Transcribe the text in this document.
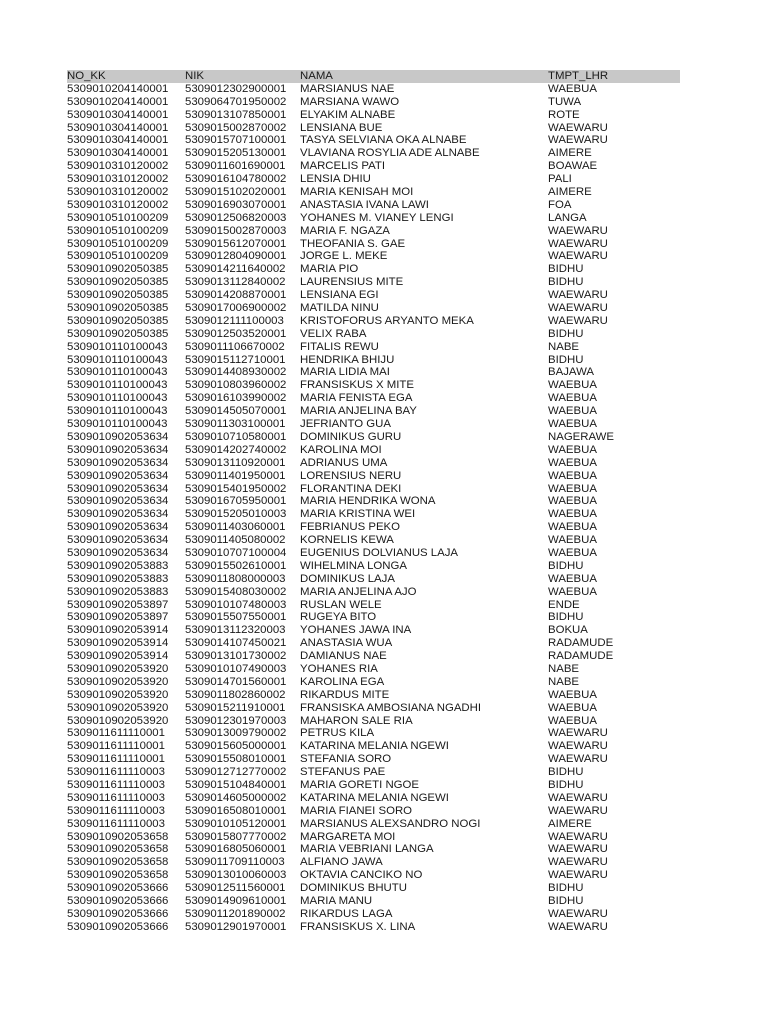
NO_KK	NIK	NAMA	TMPT_LHR
5309010204140001 5309012302900001 MARSIANUS NAE	WAEBUA
5309010204140001 5309064701950002 MARSIANA WAWO	TUWA
5309010304140001 5309013107850001 ELYAKIM ALNABE	ROTE
5309010304140001 5309015002870002 LENSIANA BUE	WAEWARU
5309010304140001 5309015707100001 TASYA SELVIANA OKA ALNABE	WAEWARU
5309010304140001 5309015205130001 VLAVIANA ROSYLIA ADE ALNABE	AIMERE
5309010310120002 5309011601690001 MARCELIS PATI	BOAWAE
5309010310120002 5309016104780002 LENSIA DHIU	PALI
5309010310120002 5309015102020001 MARIA KENISAH MOI	AIMERE
5309010310120002 5309016903070001 ANASTASIA IVANA LAWI	FOA
5309010510100209 5309012506820003 YOHANES M. VIANEY LENGI	LANGA
5309010510100209 5309015002870003 MARIA F. NGAZA	WAEWARU
5309010510100209 5309015612070001 THEOFANIA S. GAE	WAEWARU
5309010510100209 5309012804090001 JORGE L. MEKE	WAEWARU
5309010902050385 5309014211640002 MARIA PIO	BIDHU
5309010902050385 5309013112840002 LAURENSIUS MITE	BIDHU
5309010902050385 5309014208870001 LENSIANA EGI	WAEWARU
5309010902050385 5309017006900002 MATILDA NINU	WAEWARU
5309010902050385 5309012111100003 KRISTOFORUS ARYANTO MEKA	WAEWARU
5309010902050385 5309012503520001 VELIX RABA	BIDHU
5309010110100043 5309011106670002 FITALIS REWU	NABE
5309010110100043 5309015112710001 HENDRIKA BHIJU	BIDHU
5309010110100043 5309014408930002 MARIA LIDIA MAI	BAJAWA
5309010110100043 5309010803960002 FRANSISKUS X MITE	WAEBUA
5309010110100043 5309016103990002 MARIA FENISTA EGA	WAEBUA
5309010110100043 5309014505070001 MARIA ANJELINA BAY	WAEBUA
5309010110100043 5309011303100001 JEFRIANTO GUA	WAEBUA
5309010902053634 5309010710580001 DOMINIKUS GURU	NAGERAWE
5309010902053634 5309014202740002 KAROLINA MOI	WAEBUA
5309010902053634 5309013110920001 ADRIANUS UMA	WAEBUA
5309010902053634 5309011401950001 LORENSIUS NERU	WAEBUA
5309010902053634 5309015401950002 FLORANTINA DEKI	WAEBUA
5309010902053634 5309016705950001 MARIA HENDRIKA WONA	WAEBUA
5309010902053634 5309015205010003 MARIA KRISTINA WEI	WAEBUA
5309010902053634 5309011403060001 FEBRIANUS PEKO	WAEBUA
5309010902053634 5309011405080002 KORNELIS KEWA	WAEBUA
5309010902053634 5309010707100004 EUGENIUS DOLVIANUS LAJA	WAEBUA
5309010902053883 5309015502610001 WIHELMINA LONGA	BIDHU
5309010902053883 5309011808000003 DOMINIKUS LAJA	WAEBUA
5309010902053883 5309015408030002 MARIA ANJELINA AJO	WAEBUA
5309010902053897 5309010107480003 RUSLAN WELE	ENDE
5309010902053897 5309015507550001 RUGEYA BITO	BIDHU
5309010902053914 5309013112320003 YOHANES JAWA INA	BOKUA
5309010902053914 5309014107450021 ANASTASIA WUA	RADAMUDE
5309010902053914 5309013101730002 DAMIANUS NAE	RADAMUDE
5309010902053920 5309010107490003 YOHANES RIA	NABE
5309010902053920 5309014701560001 KAROLINA EGA	NABE
5309010902053920 5309011802860002 RIKARDUS MITE	WAEBUA
5309010902053920 5309015211910001 FRANSISKA AMBOSIANA NGADHI	WAEBUA
5309010902053920 5309012301970003 MAHARON SALE RIA	WAEBUA
5309011611110001 5309013009790002 PETRUS KILA	WAEWARU
5309011611110001 5309015605000001 KATARINA MELANIA NGEWI	WAEWARU
5309011611110001 5309015508010001 STEFANIA SORO	WAEWARU
5309011611110003 5309012712770002 STEFANUS PAE	BIDHU
5309011611110003 5309015104840001 MARIA GORETI NGOE	BIDHU
5309011611110003 5309014605000002 KATARINA MELANIA NGEWI	WAEWARU
5309011611110003 5309016508010001 MARIA FIANEI SORO	WAEWARU
5309011611110003 5309010105120001 MARSIANUS ALEXSANDRO NOGI	AIMERE
5309010902053658 5309015807770002 MARGARETA MOI	WAEWARU
5309010902053658 5309016805060001 MARIA VEBRIANI LANGA	WAEWARU
5309010902053658 5309011709110003 ALFIANO JAWA	WAEWARU
5309010902053658 5309013010060003 OKTAVIA CANCIKO NO	WAEWARU
5309010902053666 5309012511560001 DOMINIKUS BHUTU	BIDHU
5309010902053666 5309014909610001 MARIA MANU	BIDHU
5309010902053666 5309011201890002 RIKARDUS LAGA	WAEWARU
5309010902053666 5309012901970001 FRANSISKUS X. LINA	WAEWARU
